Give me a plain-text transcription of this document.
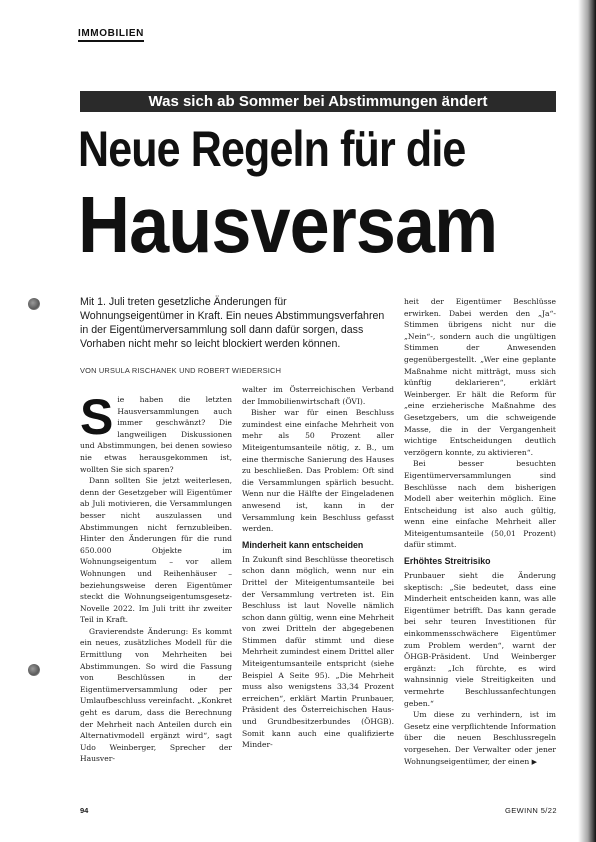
IMMOBILIEN
Was sich ab Sommer bei Abstimmungen ändert
Neue Regeln für die
Hausversam
Mit 1. Juli treten gesetzliche Änderungen für Wohnungseigentümer in Kraft. Ein neues Abstimmungsverfahren in der Eigentümerversammlung soll dann dafür sorgen, dass Vorhaben nicht mehr so leicht blockiert werden können.
VON URSULA RISCHANEK UND ROBERT WIEDERSICH
S ie haben die letzten Hausversammlungen auch immer geschwänzt? Die langweiligen Diskussionen und Abstimmungen, bei denen sowieso nie etwas herausgekommen ist, wollten Sie sich sparen?

Dann sollten Sie jetzt weiterlesen, denn der Gesetzgeber will Eigentümer ab Juli motivieren, die Versammlungen besser nicht auszulassen und Abstimmungen nicht fernzubleiben. Hinter den Änderungen für die rund 650.000 Objekte im Wohnungseigentum – vor allem Wohnungen und Reihenhäuser – beziehungsweise deren Eigentümer steckt die Wohnungseigentumsgesetz-Novelle 2022. Im Juli tritt ihr zweiter Teil in Kraft.

Gravierendste Änderung: Es kommt ein neues, zusätzliches Modell für die Ermittlung von Mehrheiten bei Abstimmungen. So wird die Fassung von Beschlüssen in der Eigentümerversammlung oder per Umlaufbeschluss vereinfacht. „Konkret geht es darum, dass die Berechnung der Mehrheit nach Anteilen durch ein Alternativmodell ergänzt wird“, sagt Udo Weinberger, Sprecher der Hausver-

walter im Österreichischen Verband der Immobilienwirtschaft (ÖVI).

Bisher war für einen Beschluss zumindest eine einfache Mehrheit von mehr als 50 Prozent aller Miteigentumsanteile nötig, z. B., um eine thermische Sanierung des Hauses zu beschließen. Das Problem: Oft sind die Versammlungen spärlich besucht. Wenn nur die Hälfte der Eingeladenen anwesend ist, kann in der Versammlung kein Beschluss gefasst werden.

Minderheit kann entscheiden

In Zukunft sind Beschlüsse theoretisch schon dann möglich, wenn nur ein Drittel der Miteigentumsanteile bei der Versammlung vertreten ist. Ein Beschluss ist laut Novelle nämlich schon dann gültig, wenn eine Mehrheit von zwei Dritteln der abgegebenen Stimmen dafür stimmt und diese Mehrheit zumindest einem Drittel aller Miteigentumsanteile entspricht (siehe Beispiel A Seite 95). „Die Mehrheit muss also wenigstens 33,34 Prozent erreichen“, erklärt Martin Prunbauer, Präsident des Österreichischen Haus- und Grundbesitzerbundes (ÖHGB). Somit kann auch eine qualifizierte Minder-

heit der Eigentümer Beschlüsse erwirken. Dabei werden den „Ja“-Stimmen übrigens nicht nur die „Nein“-, sondern auch die ungültigen Stimmen der Anwesenden gegenübergestellt. „Wer eine geplante Maßnahme nicht mitträgt, muss sich künftig deklarieren“, erklärt Weinberger. Er hält die Reform für „eine erzieherische Maßnahme des Gesetzgebers, um die schweigende Masse, die in der Vergangenheit wichtige Entscheidungen deutlich verzögern konnte, zu aktivieren“.

Bei besser besuchten Eigentümerversammlungen sind Beschlüsse nach dem bisherigen Modell aber weiterhin möglich. Eine Entscheidung ist also auch gültig, wenn eine einfache Mehrheit aller Miteigentumsanteile (50,01 Prozent) dafür stimmt.

Erhöhtes Streitrisiko

Prunbauer sieht die Änderung skeptisch: „Sie bedeutet, dass eine Minderheit entscheiden kann, was alle Eigentümer betrifft. Das kann gerade bei sehr teuren Investitionen für einkommensschwächere Eigentümer zum Problem werden“, warnt der ÖHGB-Präsident. Und Weinberger ergänzt: „Ich fürchte, es wird wahnsinnig viele Streitigkeiten und vermehrte Beschlussanfechtungen geben.“

Um diese zu verhindern, ist im Gesetz eine verpflichtende Information über die neuen Beschlussregeln vorgesehen. Der Verwalter oder jener Wohnungseigentümer, der einen ▶

94	GEWINN 5/22
